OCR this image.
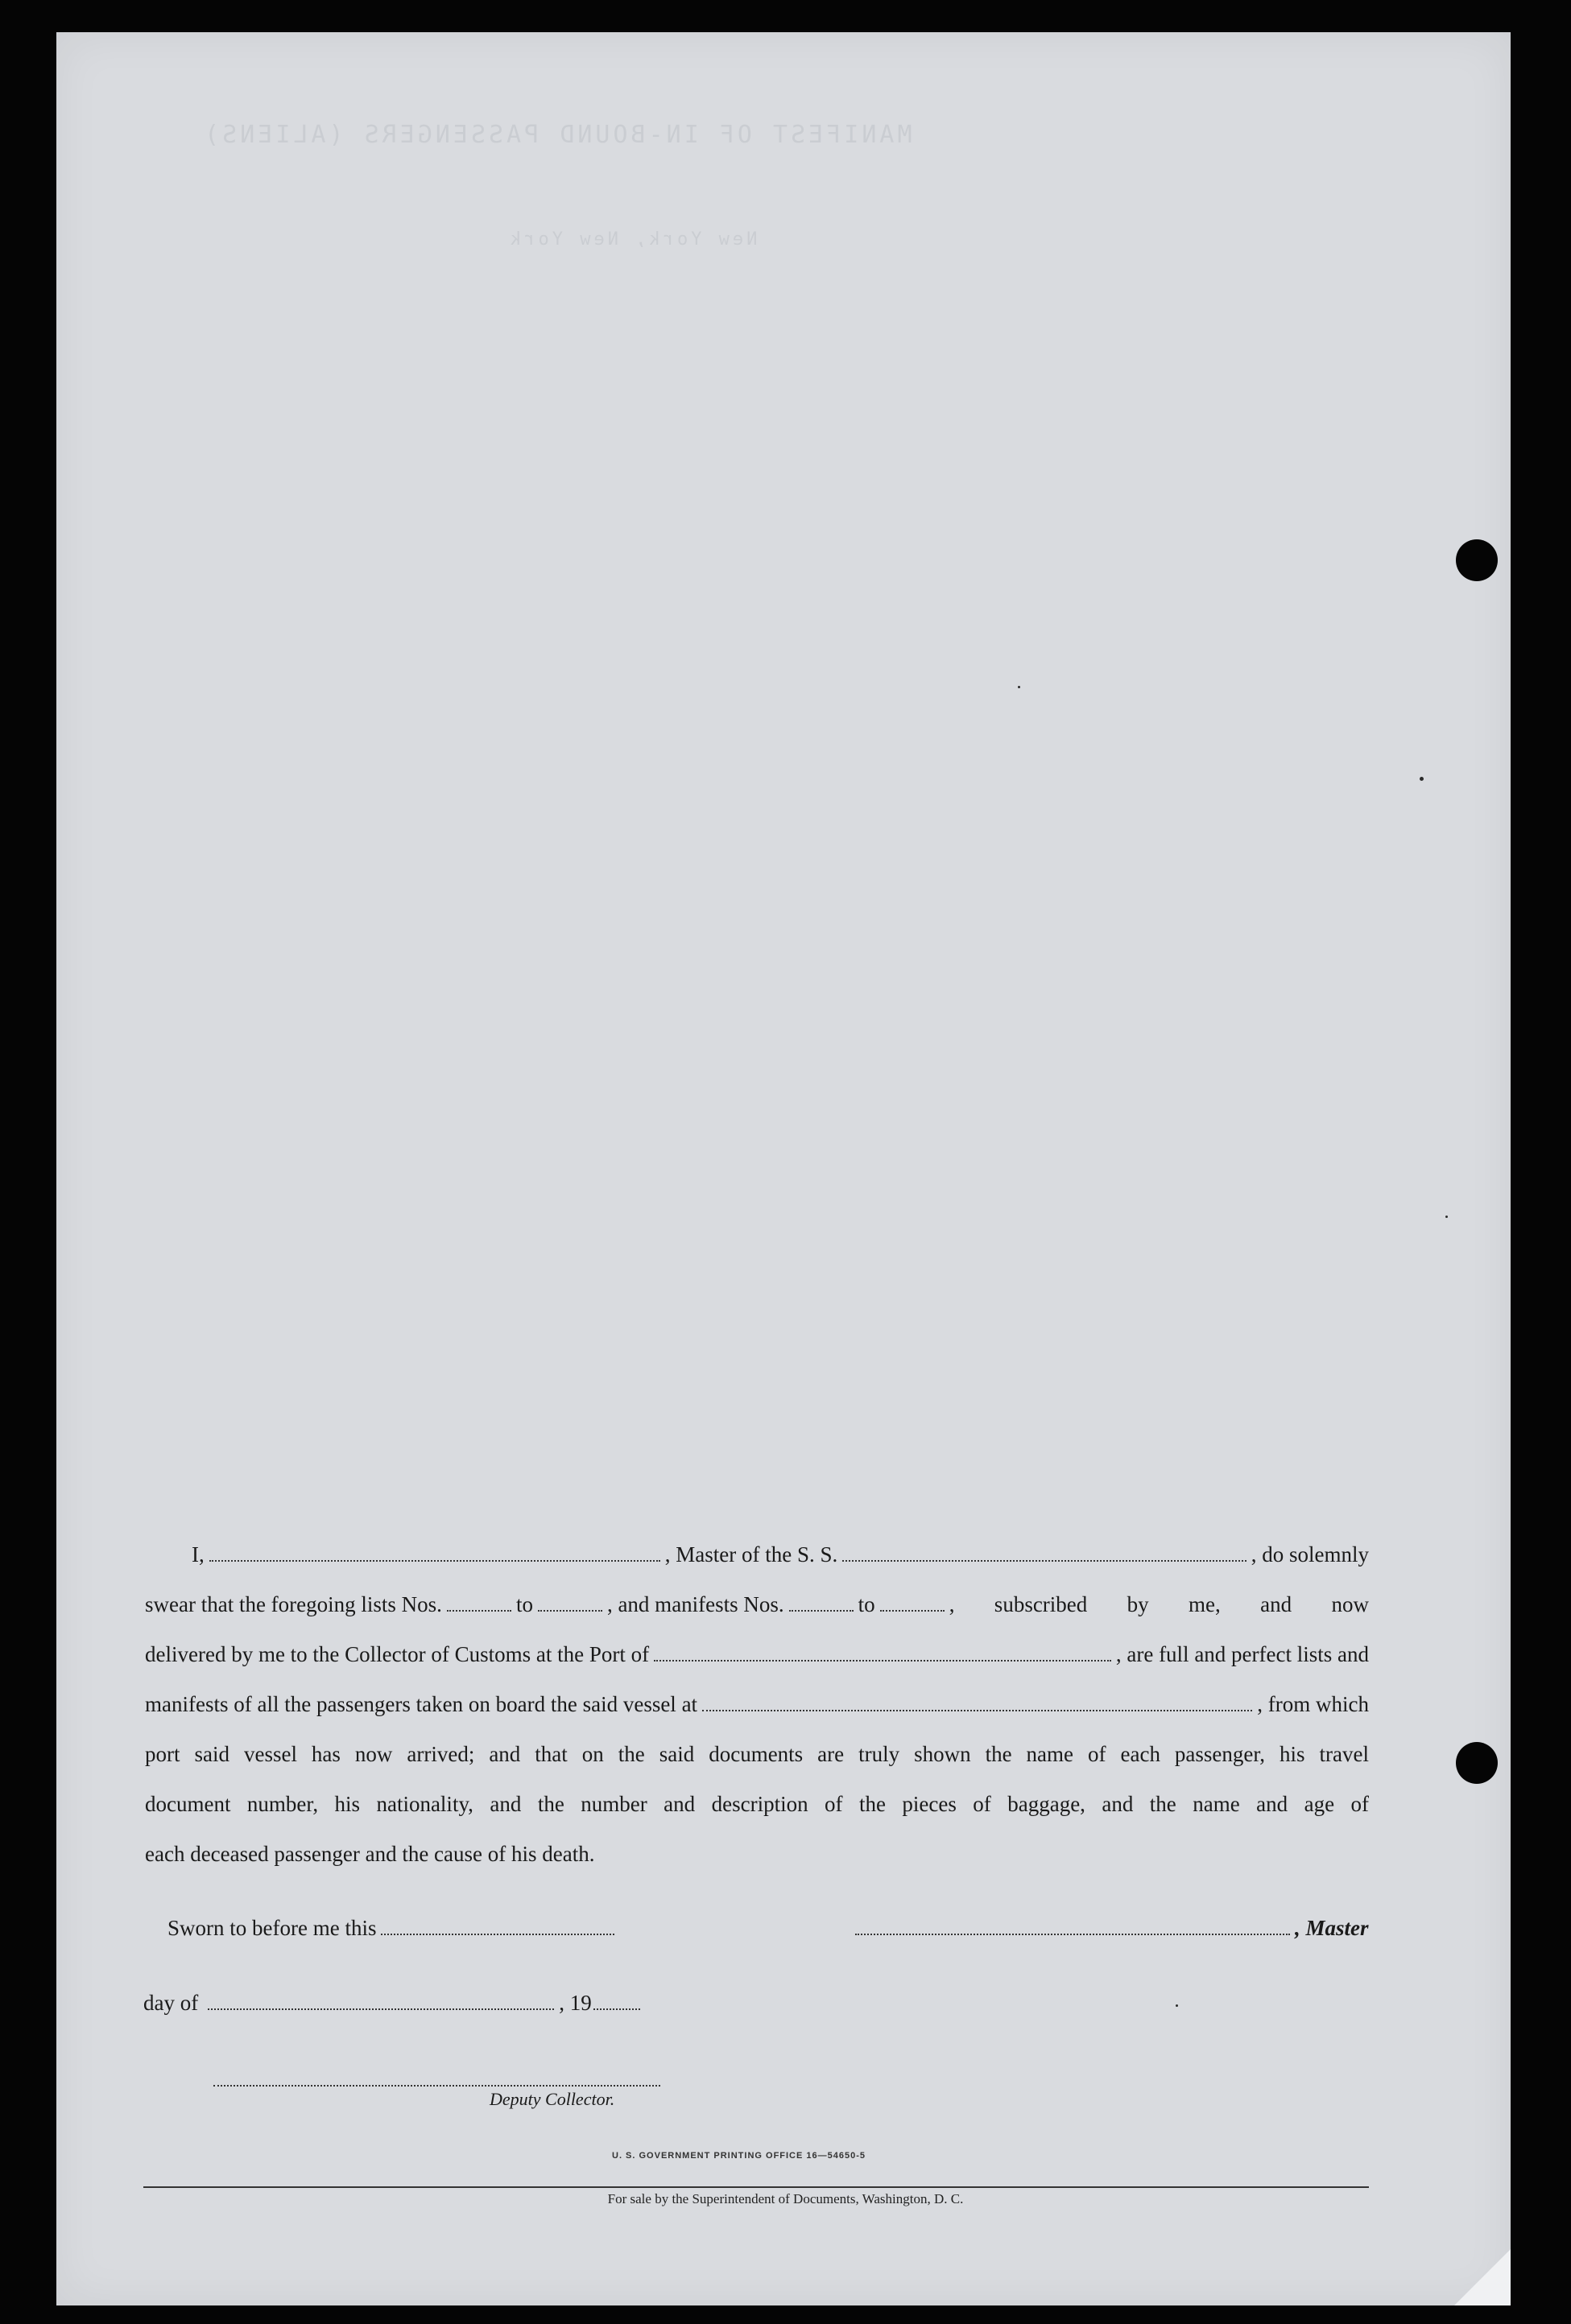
MANIFEST OF IN-BOUND PASSENGERS (ALIENS)
New York, New York
I,	, Master of the S. S.	, do solemnly
swear that the foregoing lists Nos.	to	, and manifests Nos.	to	, subscribed by me, and now
delivered by me to the Collector of Customs at the Port of	, are full and perfect lists and
manifests of all the passengers taken on board the said vessel at	, from which
port said vessel has now arrived; and that on the said documents are truly shown the name of each passenger, his travel
document number, his nationality, and the number and description of the pieces of baggage, and the name and age of
each deceased passenger and the cause of his death.
Sworn to before me this	, Master
day of	, 19
Deputy Collector.
U. S. GOVERNMENT PRINTING OFFICE 16—54650-5
For sale by the Superintendent of Documents, Washington, D. C.
